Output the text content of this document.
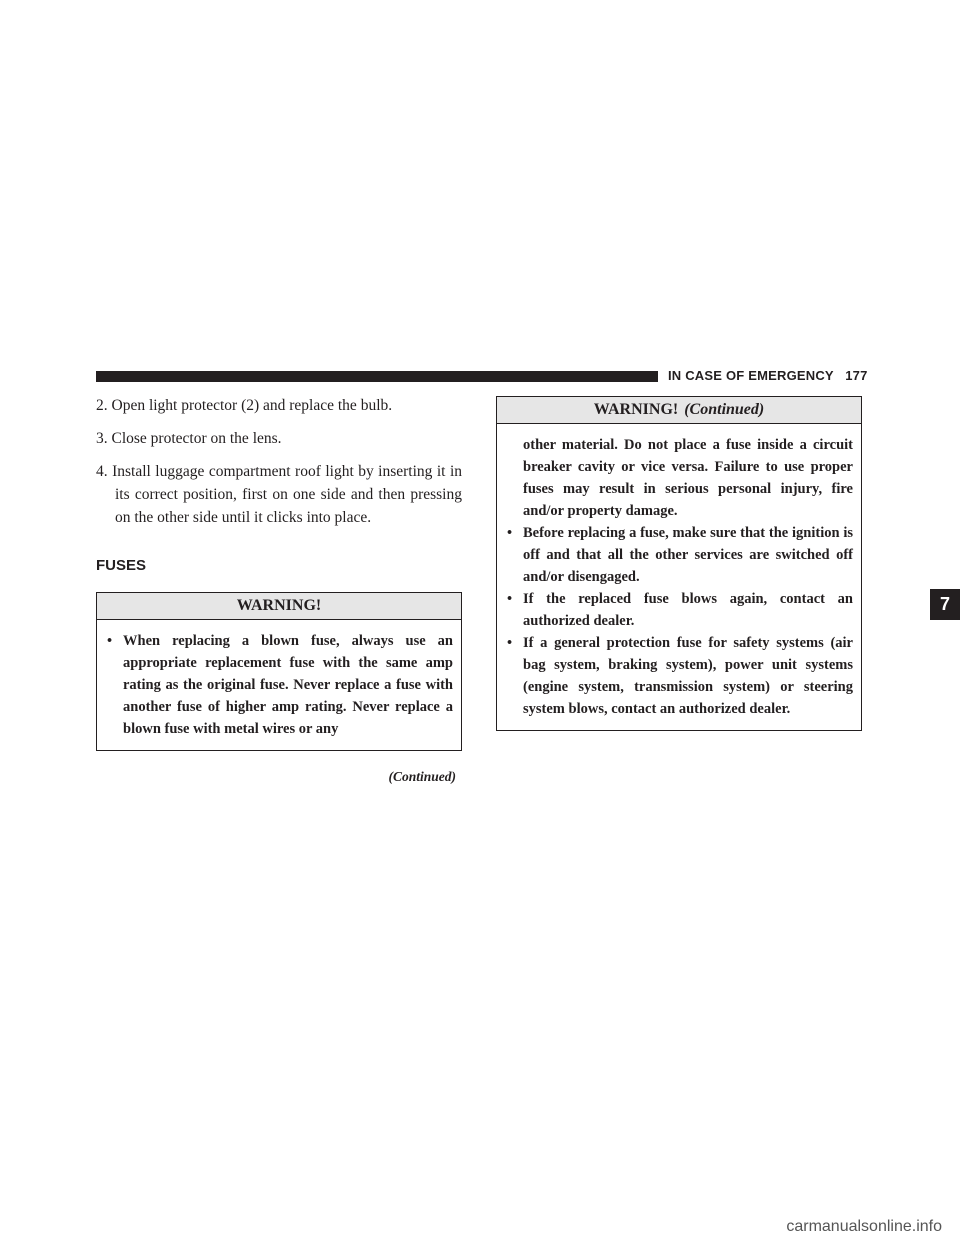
IN CASE OF EMERGENCY 177

2. Open light protector (2) and replace the bulb.

3. Close protector on the lens.

4. Install luggage compartment roof light by inserting it in its correct position, first on one side and then pressing on the other side until it clicks into place.

FUSES
WARNING!
• When replacing a blown fuse, always use an appropriate replacement fuse with the same amp rating as the original fuse. Never replace a fuse with another fuse of higher amp rating. Never replace a blown fuse with metal wires or any
(Continued)
WARNING! (Continued)
other material. Do not place a fuse inside a circuit breaker cavity or vice versa. Failure to use proper fuses may result in serious personal injury, fire and/or property damage.
• Before replacing a fuse, make sure that the ignition is off and that all the other services are switched off and/or disengaged.
• If the replaced fuse blows again, contact an authorized dealer.
• If a general protection fuse for safety systems (air bag system, braking system), power unit systems (engine system, transmission system) or steering system blows, contact an authorized dealer.
7
carmanualsonline.info
